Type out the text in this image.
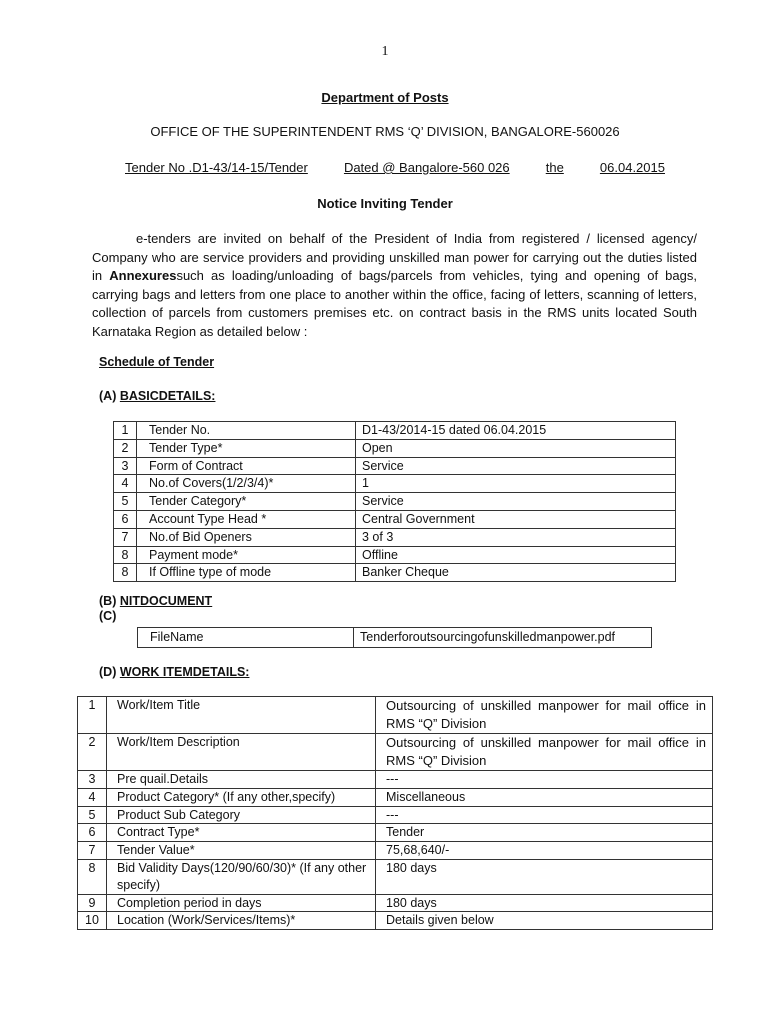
1
Department of Posts
OFFICE OF THE SUPERINTENDENT RMS ‘Q’ DIVISION, BANGALORE-560026
Tender No .D1-43/14-15/Tender	Dated @ Bangalore-560 026	the	06.04.2015
Notice Inviting Tender
e-tenders are invited on behalf of the President of India from registered / licensed agency/ Company who are service providers and providing unskilled man power for carrying out the duties listed in Annexuressuch as loading/unloading of bags/parcels from vehicles, tying and opening of bags, carrying bags and letters from one place to another within the office, facing of letters, scanning of letters, collection of parcels from customers premises etc. on contract basis in the RMS units located South Karnataka Region as detailed below :
Schedule of Tender
(A) BASICDETAILS:
1	Tender No.	D1-43/2014-15 dated 06.04.2015
2	Tender Type*	Open
3	Form of Contract	Service
4	No.of Covers(1/2/3/4)*	1
5	Tender Category*	Service
6	Account Type Head *	Central Government
7	No.of Bid Openers	3 of 3
8	Payment mode*	Offline
8	If Offline type of mode	Banker Cheque
(B) NITDOCUMENT
(C)
FileName	Tenderforoutsourcingofunskilledmanpower.pdf
(D) WORK ITEMDETAILS:
1	Work/Item Title	Outsourcing of unskilled manpower for mail office in RMS “Q” Division
2	Work/Item Description	Outsourcing of unskilled manpower for mail office in RMS “Q” Division
3	Pre quail.Details	---
4	Product Category* (If any other,specify)	Miscellaneous
5	Product Sub Category	---
6	Contract Type*	Tender
7	Tender Value*	75,68,640/-
8	Bid Validity Days(120/90/60/30)* (If any other specify)	180 days
9	Completion period in days	180 days
10	Location (Work/Services/Items)*	Details given below
